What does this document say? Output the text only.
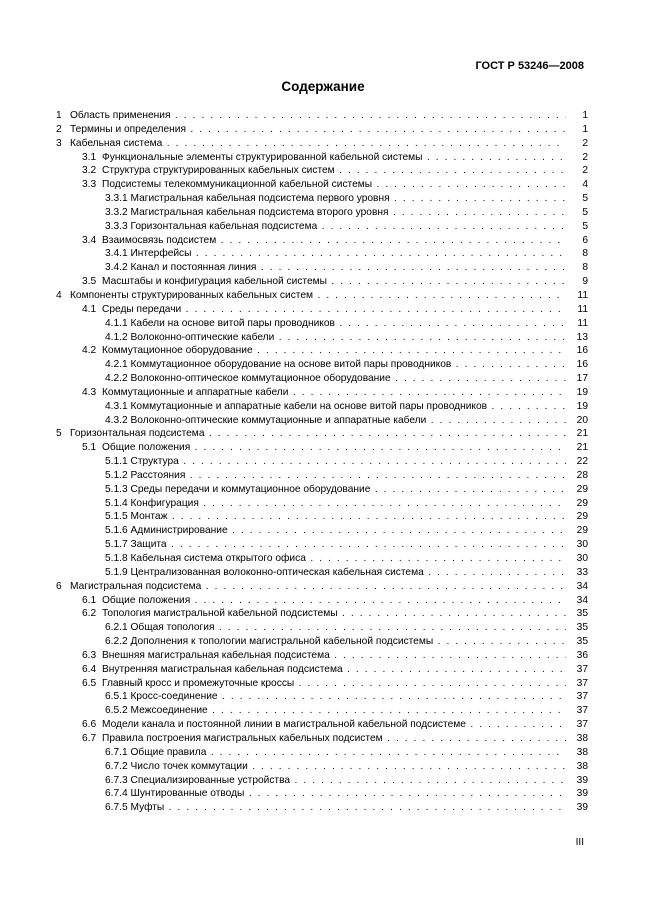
ГОСТ Р 53246—2008
Содержание
1 Область применения . . .	1
2 Термины и определения . . .	1
3 Кабельная система . . .	2
3.1 Функциональные элементы структурированной кабельной системы . . .	2
3.2 Структура структурированных кабельных систем . . .	2
3.3 Подсистемы телекоммуникационной кабельной системы . . .	4
3.3.1 Магистральная кабельная подсистема первого уровня . . .	5
3.3.2 Магистральная кабельная подсистема второго уровня . . .	5
3.3.3 Горизонтальная кабельная подсистема . . .	5
3.4 Взаимосвязь подсистем . . .	6
3.4.1 Интерфейсы . . .	8
3.4.2 Канал и постоянная линия . . .	8
3.5 Масштабы и конфигурация кабельной системы . . .	9
4 Компоненты структурированных кабельных систем . . .	11
4.1 Среды передачи . . .	11
4.1.1 Кабели на основе витой пары проводников . . .	11
4.1.2 Волоконно-оптические кабели . . .	13
4.2 Коммутационное оборудование . . .	16
4.2.1 Коммутационное оборудование на основе витой пары проводников . . .	16
4.2.2 Волоконно-оптическое коммутационное оборудование . . .	17
4.3 Коммутационные и аппаратные кабели . . .	19
4.3.1 Коммутационные и аппаратные кабели на основе витой пары проводников . . .	19
4.3.2 Волоконно-оптические коммутационные и аппаратные кабели . . .	20
5 Горизонтальная подсистема . . .	21
5.1 Общие положения . . .	21
5.1.1 Структура . . .	22
5.1.2 Расстояния . . .	28
5.1.3 Среды передачи и коммутационное оборудование . . .	29
5.1.4 Конфигурация . . .	29
5.1.5 Монтаж . . .	29
5.1.6 Администрирование . . .	29
5.1.7 Защита . . .	30
5.1.8 Кабельная система открытого офиса . . .	30
5.1.9 Централизованная волоконно-оптическая кабельная система . . .	33
6 Магистральная подсистема . . .	34
6.1 Общие положения . . .	34
6.2 Топология магистральной кабельной подсистемы . . .	35
6.2.1 Общая топология . . .	35
6.2.2 Дополнения к топологии магистральной кабельной подсистемы . . .	35
6.3 Внешняя магистральная кабельная подсистема . . .	36
6.4 Внутренняя магистральная кабельная подсистема . . .	37
6.5 Главный кросс и промежуточные кроссы . . .	37
6.5.1 Кросс-соединение . . .	37
6.5.2 Межсоединение . . .	37
6.6 Модели канала и постоянной линии в магистральной кабельной подсистеме . . .	37
6.7 Правила построения магистральных кабельных подсистем . . .	38
6.7.1 Общие правила . . .	38
6.7.2 Число точек коммутации . . .	38
6.7.3 Специализированные устройства . . .	39
6.7.4 Шунтированные отводы . . .	39
6.7.5 Муфты . . .	39
III
